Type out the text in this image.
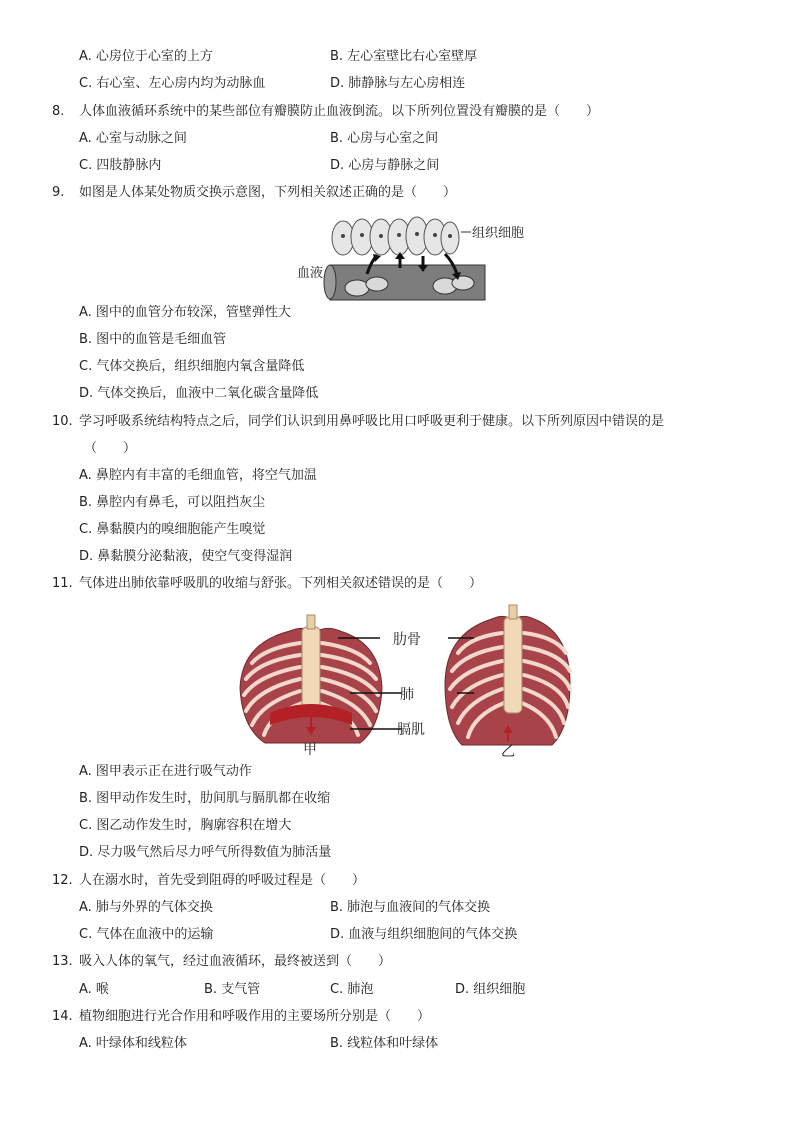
A. 心房位于心室的上方	B. 左心室壁比右心室壁厚
C. 右心室、左心房内均为动脉血	D. 肺静脉与左心房相连
8. 人体血液循环系统中的某些部位有瓣膜防止血液倒流。以下所列位置没有瓣膜的是（　　）
A. 心室与动脉之间	B. 心房与心室之间
C. 四肢静脉内	D. 心房与静脉之间
9. 如图是人体某处物质交换示意图，下列相关叙述正确的是（　　）
组织细胞
血液
A. 图中的血管分布较深，管壁弹性大
B. 图中的血管是毛细血管
C. 气体交换后，组织细胞内氧含量降低
D. 气体交换后，血液中二氧化碳含量降低
10. 学习呼吸系统结构特点之后，同学们认识到用鼻呼吸比用口呼吸更利于健康。以下所列原因中错误的是
（　　）
A. 鼻腔内有丰富的毛细血管，将空气加温
B. 鼻腔内有鼻毛，可以阻挡灰尘
C. 鼻黏膜内的嗅细胞能产生嗅觉
D. 鼻黏膜分泌黏液，使空气变得湿润
11. 气体进出肺依靠呼吸肌的收缩与舒张。下列相关叙述错误的是（　　）
肋骨
肺
膈肌
甲	乙
A. 图甲表示正在进行吸气动作
B. 图甲动作发生时，肋间肌与膈肌都在收缩
C. 图乙动作发生时，胸廓容积在增大
D. 尽力吸气然后尽力呼气所得数值为肺活量
12. 人在溺水时，首先受到阻碍的呼吸过程是（　　）
A. 肺与外界的气体交换	B. 肺泡与血液间的气体交换
C. 气体在血液中的运输	D. 血液与组织细胞间的气体交换
13. 吸入人体的氧气，经过血液循环，最终被送到（　　）
A. 喉	B. 支气管	C. 肺泡	D. 组织细胞
14. 植物细胞进行光合作用和呼吸作用的主要场所分别是（　　）
A. 叶绿体和线粒体	B. 线粒体和叶绿体
